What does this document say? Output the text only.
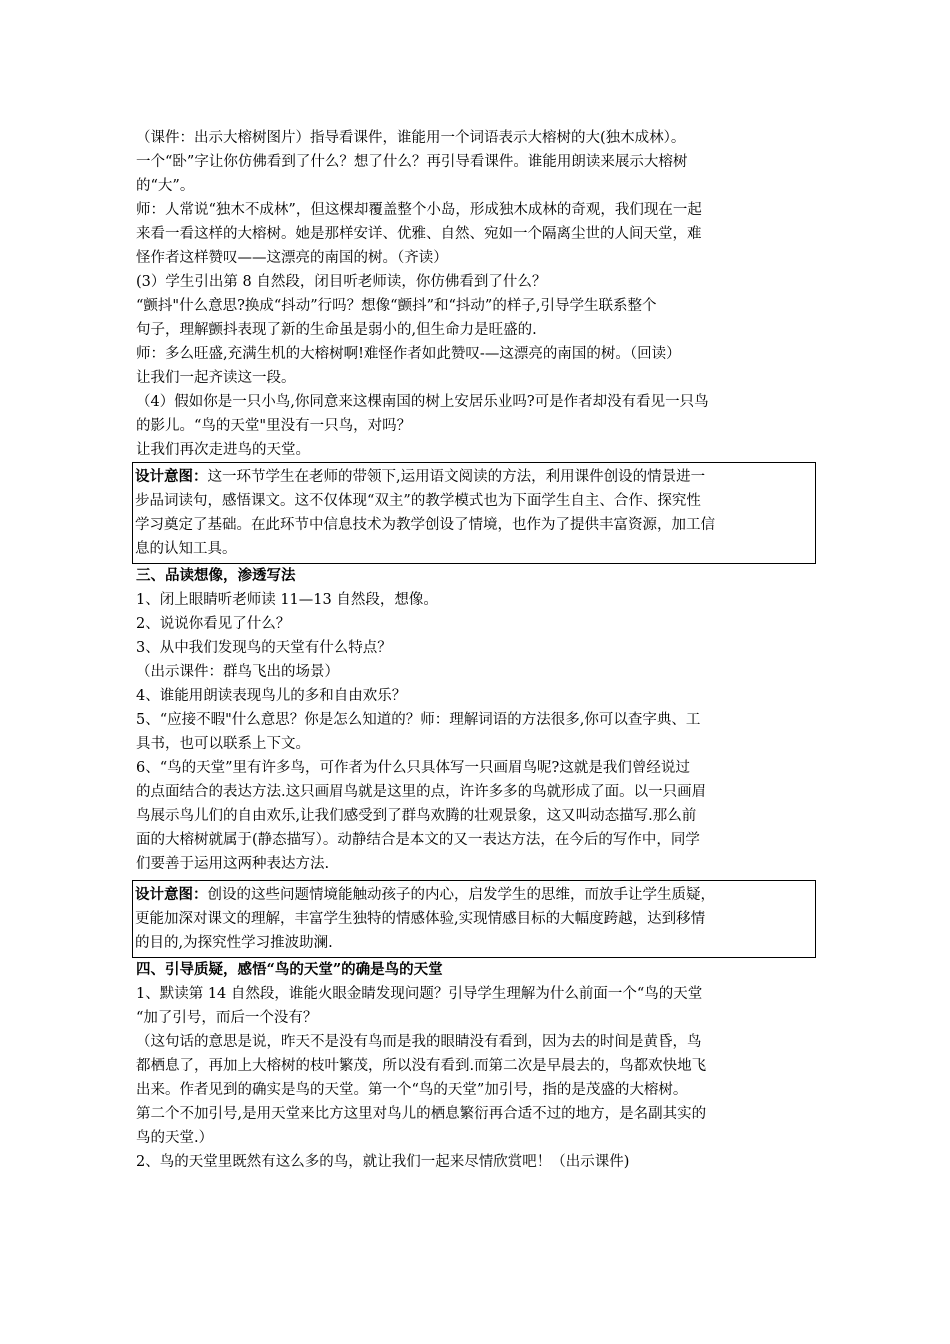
（课件：出示大榕树图片）指导看课件，谁能用一个词语表示大榕树的大(独木成林）。
一个“卧”字让你仿佛看到了什么？想了什么？再引导看课件。谁能用朗读来展示大榕树
的“大”。
师：人常说“独木不成林”，但这棵却覆盖整个小岛，形成独木成林的奇观，我们现在一起
来看一看这样的大榕树。她是那样安详、优雅、自然、宛如一个隔离尘世的人间天堂，难
怪作者这样赞叹——这漂亮的南国的树。（齐读）
(3）学生引出第 8 自然段，闭目听老师读，你仿佛看到了什么？
“颤抖"什么意思?换成“抖动”行吗？想像“颤抖”和“抖动”的样子,引导学生联系整个
句子，理解颤抖表现了新的生命虽是弱小的,但生命力是旺盛的.
师：多么旺盛,充满生机的大榕树啊!难怪作者如此赞叹-—这漂亮的南国的树。（回读）
让我们一起齐读这一段。
（4）假如你是一只小鸟,你同意来这棵南国的树上安居乐业吗?可是作者却没有看见一只鸟
的影儿。“鸟的天堂"里没有一只鸟，对吗？
让我们再次走进鸟的天堂。
设计意图：这一环节学生在老师的带领下,运用语文阅读的方法，利用课件创设的情景进一
步品词读句，感悟课文。这不仅体现“双主”的教学模式也为下面学生自主、合作、探究性
学习奠定了基础。在此环节中信息技术为教学创设了情境，也作为了提供丰富资源，加工信
息的认知工具。
三、品读想像，渗透写法
1、闭上眼睛听老师读 11—13 自然段，想像。
2、说说你看见了什么？
3、从中我们发现鸟的天堂有什么特点？
（出示课件：群鸟飞出的场景）
4、谁能用朗读表现鸟儿的多和自由欢乐？
5、“应接不暇"什么意思？你是怎么知道的？师：理解词语的方法很多,你可以查字典、工
具书，也可以联系上下文。
6、“鸟的天堂”里有许多鸟，可作者为什么只具体写一只画眉鸟呢?这就是我们曾经说过
的点面结合的表达方法.这只画眉鸟就是这里的点，许许多多的鸟就形成了面。以一只画眉
鸟展示鸟儿们的自由欢乐,让我们感受到了群鸟欢腾的壮观景象，这又叫动态描写.那么前
面的大榕树就属于(静态描写）。动静结合是本文的又一表达方法，在今后的写作中，同学
们要善于运用这两种表达方法.
设计意图：创设的这些问题情境能触动孩子的内心，启发学生的思维，而放手让学生质疑，
更能加深对课文的理解，丰富学生独特的情感体验,实现情感目标的大幅度跨越，达到移情
的目的,为探究性学习推波助澜.
四、引导质疑，感悟“鸟的天堂”的确是鸟的天堂
1、默读第 14 自然段，谁能火眼金睛发现问题？引导学生理解为什么前面一个“鸟的天堂
“加了引号，而后一个没有？
（这句话的意思是说，昨天不是没有鸟而是我的眼睛没有看到，因为去的时间是黄昏，鸟
都栖息了，再加上大榕树的枝叶繁茂，所以没有看到.而第二次是早晨去的，鸟都欢快地飞
出来。作者见到的确实是鸟的天堂。第一个“鸟的天堂”加引号，指的是茂盛的大榕树。
第二个不加引号,是用天堂来比方这里对鸟儿的栖息繁衍再合适不过的地方，是名副其实的
鸟的天堂.）
2、鸟的天堂里既然有这么多的鸟，就让我们一起来尽情欣赏吧！（出示课件)
